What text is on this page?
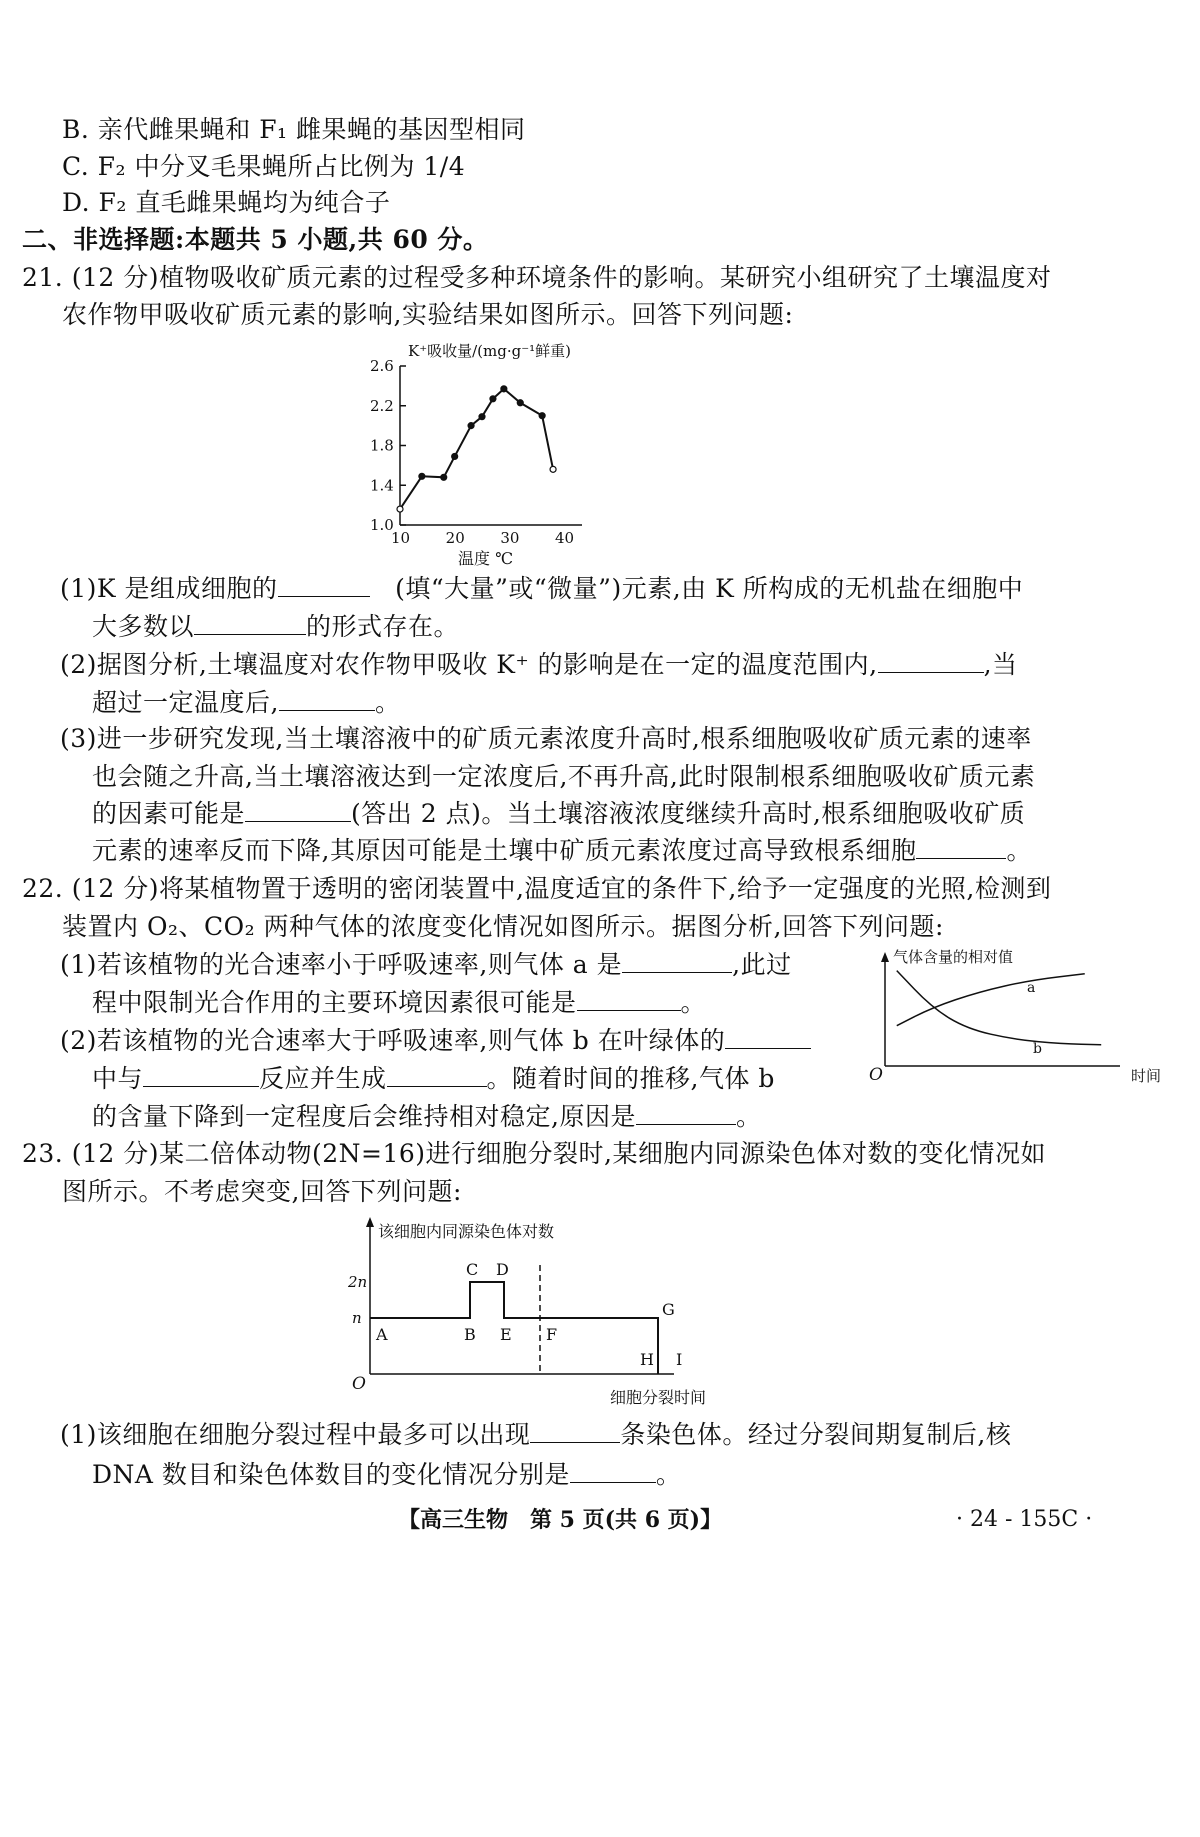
B. 亲代雌果蝇和 F₁ 雌果蝇的基因型相同
C. F₂ 中分叉毛果蝇所占比例为 1/4
D. F₂ 直毛雌果蝇均为纯合子
二、非选择题:本题共 5 小题,共 60 分。
21. (12 分)植物吸收矿质元素的过程受多种环境条件的影响。某研究小组研究了土壤温度对
农作物甲吸收矿质元素的影响,实验结果如图所示。回答下列问题:
K⁺吸收量/(mg·g⁻¹鲜重)
1.0
1.4
1.8
2.2
2.6
10 20 30 40
温度 ℃
(1)K 是组成细胞的　	(填“大量”或“微量”)元素,由 K 所构成的无机盐在细胞中
大多数以	的形式存在。
(2)据图分析,土壤温度对农作物甲吸收 K⁺ 的影响是在一定的温度范围内,	,当
超过一定温度后,	。
(3)进一步研究发现,当土壤溶液中的矿质元素浓度升高时,根系细胞吸收矿质元素的速率
也会随之升高,当土壤溶液达到一定浓度后,不再升高,此时限制根系细胞吸收矿质元素
的因素可能是	(答出 2 点)。当土壤溶液浓度继续升高时,根系细胞吸收矿质
元素的速率反而下降,其原因可能是土壤中矿质元素浓度过高导致根系细胞	。
22. (12 分)将某植物置于透明的密闭装置中,温度适宜的条件下,给予一定强度的光照,检测到
装置内 O₂、CO₂ 两种气体的浓度变化情况如图所示。据图分析,回答下列问题:
(1)若该植物的光合速率小于呼吸速率,则气体 a 是	,此过
程中限制光合作用的主要环境因素很可能是	。
(2)若该植物的光合速率大于呼吸速率,则气体 b 在叶绿体的
中与	反应并生成	。随着时间的推移,气体 b
的含量下降到一定程度后会维持相对稳定,原因是	。
气体含量的相对值
a
b
O	时间
23. (12 分)某二倍体动物(2N=16)进行细胞分裂时,某细胞内同源染色体对数的变化情况如
图所示。不考虑突变,回答下列问题:
该细胞内同源染色体对数
2n
n
A	B
C D
E F
G
H I
O
细胞分裂时间
(1)该细胞在细胞分裂过程中最多可以出现	条染色体。经过分裂间期复制后,核
DNA 数目和染色体数目的变化情况分别是	。
【高三生物　第 5 页(共 6 页)】	· 24 - 155C ·
